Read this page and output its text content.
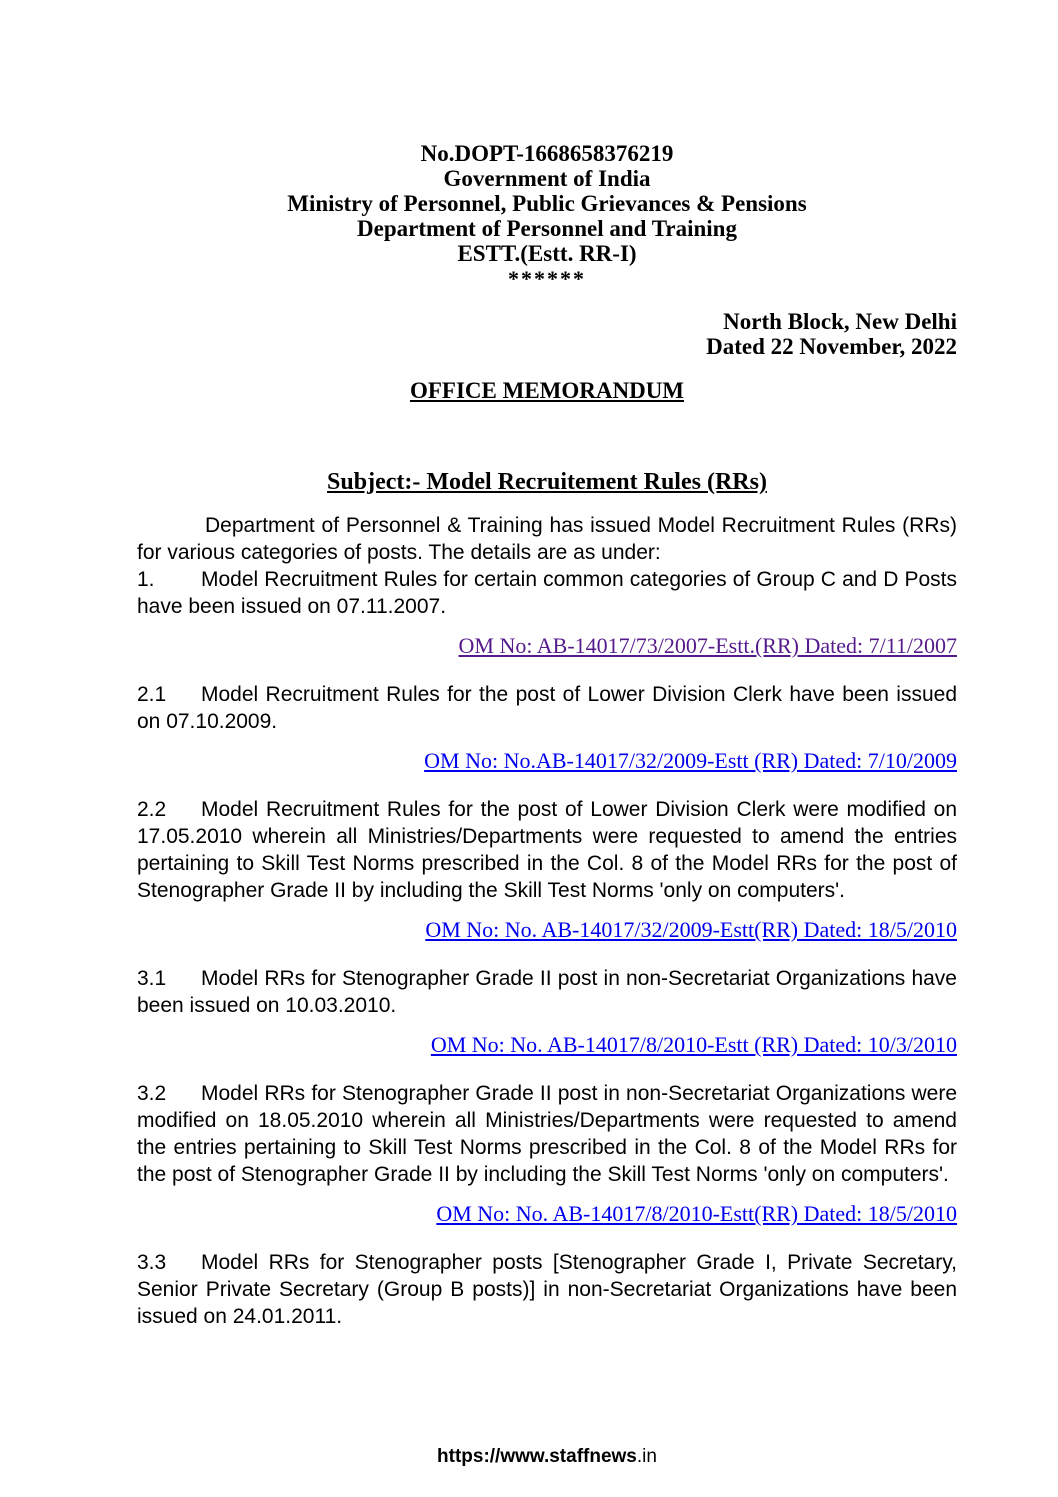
No.DOPT-1668658376219
Government of India
Ministry of Personnel, Public Grievances & Pensions
Department of Personnel and Training
ESTT.(Estt. RR-I)
******
North Block, New Delhi
Dated 22 November, 2022
OFFICE MEMORANDUM
Subject:- Model Recruitement Rules (RRs)

Department of Personnel & Training has issued Model Recruitment Rules (RRs) for various categories of posts. The details are as under:

1. Model Recruitment Rules for certain common categories of Group C and D Posts have been issued on 07.11.2007.

OM No: AB-14017/73/2007-Estt.(RR) Dated: 7/11/2007

2.1 Model Recruitment Rules for the post of Lower Division Clerk have been issued on 07.10.2009.

OM No: No.AB-14017/32/2009-Estt (RR) Dated: 7/10/2009

2.2 Model Recruitment Rules for the post of Lower Division Clerk were modified on 17.05.2010 wherein all Ministries/Departments were requested to amend the entries pertaining to Skill Test Norms prescribed in the Col. 8 of the Model RRs for the post of Stenographer Grade II by including the Skill Test Norms 'only on computers'.

OM No: No. AB-14017/32/2009-Estt(RR) Dated: 18/5/2010

3.1 Model RRs for Stenographer Grade II post in non-Secretariat Organizations have been issued on 10.03.2010.

OM No: No. AB-14017/8/2010-Estt (RR) Dated: 10/3/2010

3.2 Model RRs for Stenographer Grade II post in non-Secretariat Organizations were modified on 18.05.2010 wherein all Ministries/Departments were requested to amend the entries pertaining to Skill Test Norms prescribed in the Col. 8 of the Model RRs for the post of Stenographer Grade II by including the Skill Test Norms 'only on computers'.

OM No: No. AB-14017/8/2010-Estt(RR) Dated: 18/5/2010

3.3 Model RRs for Stenographer posts [Stenographer Grade I, Private Secretary, Senior Private Secretary (Group B posts)] in non-Secretariat Organizations have been issued on 24.01.2011.

https://www.staffnews.in
